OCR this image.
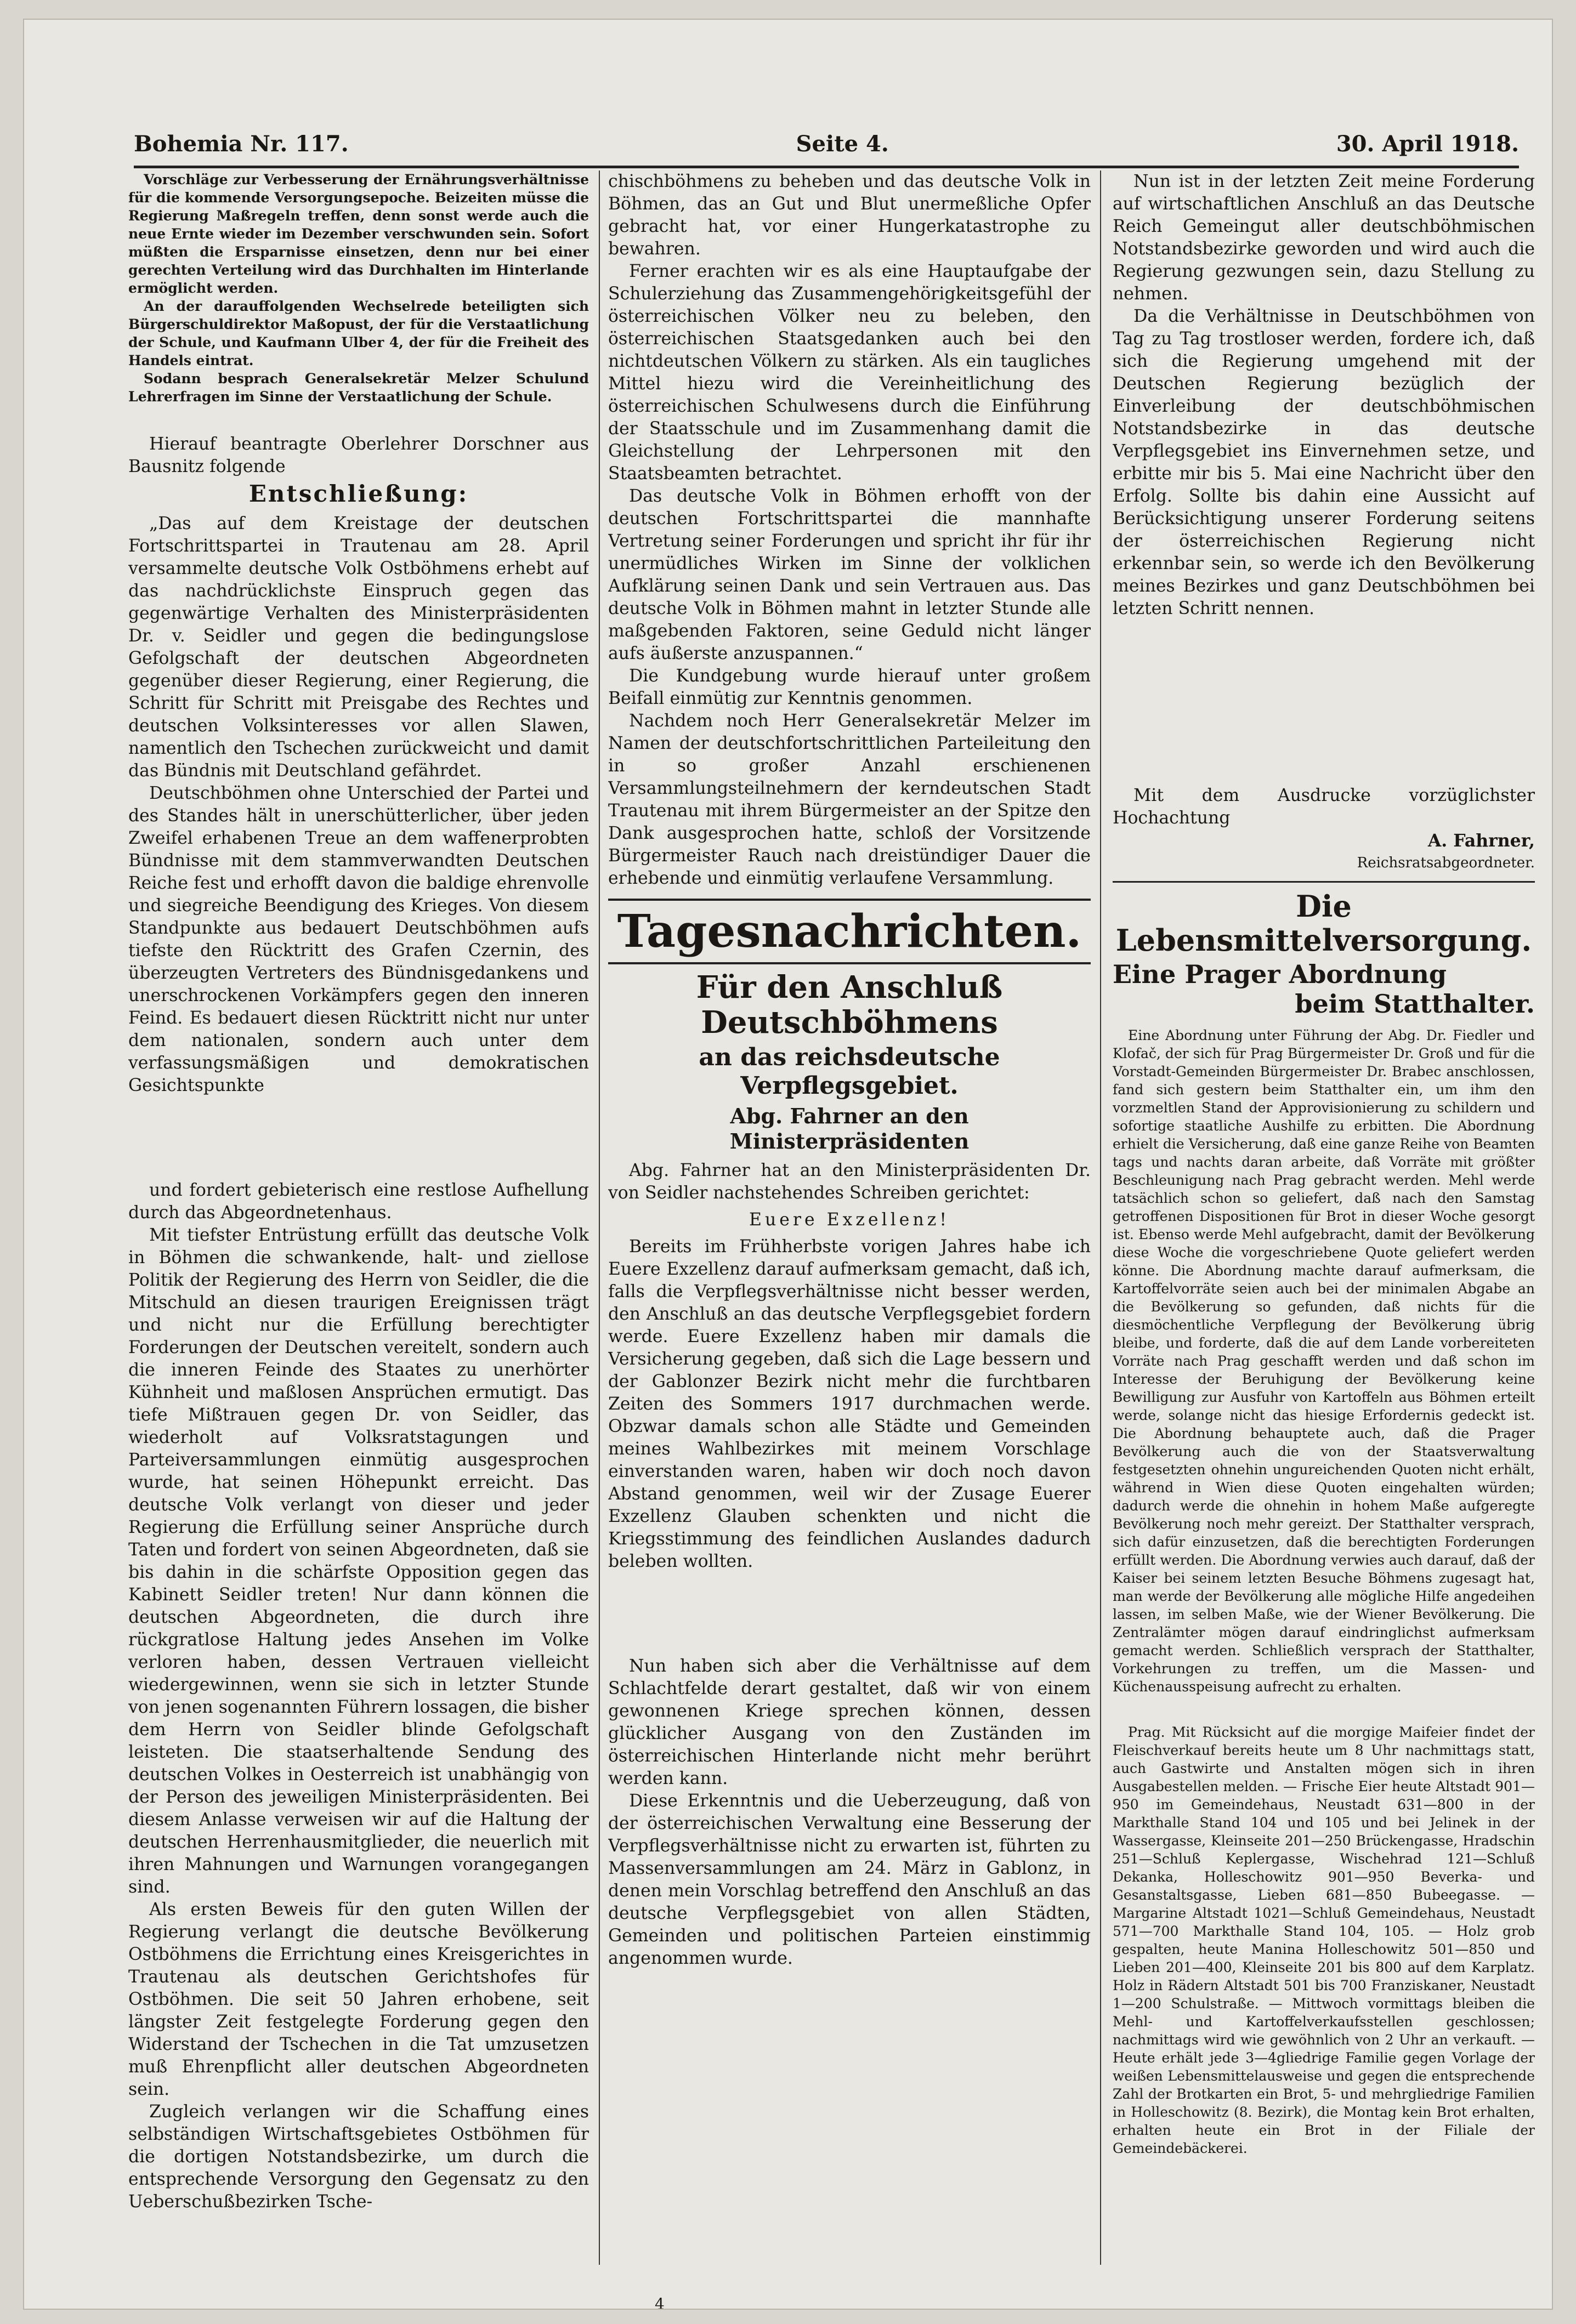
Bohemia Nr. 117.	Seite 4.	30. April 1918.

Vorschläge zur Verbesserung der Ernährungsverhältnisse für die kommende Versorgungsepoche. Beizeiten müsse die Regierung Maßregeln treffen, denn sonst werde auch die neue Ernte wieder im Dezember verschwunden sein. Sofort müßten die Ersparnisse einsetzen, denn nur bei einer gerechten Verteilung wird das Durchhalten im Hinterlande ermöglicht werden.

An der darauffolgenden Wechselrede beteiligten sich Bürgerschuldirektor Maßopust, der für die Verstaatlichung der Schule, und Kaufmann Ulber 4, der für die Freiheit des Handels eintrat.

Sodann besprach Generalsekretär Melzer Schulund Lehrerfragen im Sinne der Verstaatlichung der Schule.

Hierauf beantragte Oberlehrer Dorschner aus Bausnitz folgende

Entschließung:

„Das auf dem Kreistage der deutschen Fortschrittspartei in Trautenau am 28. April versammelte deutsche Volk Ostböhmens erhebt auf das nachdrücklichste Einspruch gegen das gegenwärtige Verhalten des Ministerpräsidenten Dr. v. Seidler und gegen die bedingungslose Gefolgschaft der deutschen Abgeordneten gegenüber dieser Regierung, einer Regierung, die Schritt für Schritt mit Preisgabe des Rechtes und deutschen Volksinteresses vor allen Slawen, namentlich den Tschechen zurückweicht und damit das Bündnis mit Deutschland gefährdet.

Deutschböhmen ohne Unterschied der Partei und des Standes hält in unerschütterlicher, über jeden Zweifel erhabenen Treue an dem waffenerprobten Bündnisse mit dem stammverwandten Deutschen Reiche fest und erhofft davon die baldige ehrenvolle und siegreiche Beendigung des Krieges. Von diesem Standpunkte aus bedauert Deutschböhmen aufs tiefste den Rücktritt des Grafen Czernin, des überzeugten Vertreters des Bündnisgedankens und unerschrockenen Vorkämpfers gegen den inneren Feind. Es bedauert diesen Rücktritt nicht nur unter dem nationalen, sondern auch unter dem verfassungsmäßigen und demokratischen Gesichtspunkte

und fordert gebieterisch eine restlose Aufhellung durch das Abgeordnetenhaus.

Mit tiefster Entrüstung erfüllt das deutsche Volk in Böhmen die schwankende, halt- und ziellose Politik der Regierung des Herrn von Seidler, die die Mitschuld an diesen traurigen Ereignissen trägt und nicht nur die Erfüllung berechtigter Forderungen der Deutschen vereitelt, sondern auch die inneren Feinde des Staates zu unerhörter Kühnheit und maßlosen Ansprüchen ermutigt. Das tiefe Mißtrauen gegen Dr. von Seidler, das wiederholt auf Volksratstagungen und Parteiversammlungen einmütig ausgesprochen wurde, hat seinen Höhepunkt erreicht. Das deutsche Volk verlangt von dieser und jeder Regierung die Erfüllung seiner Ansprüche durch Taten und fordert von seinen Abgeordneten, daß sie bis dahin in die schärfste Opposition gegen das Kabinett Seidler treten! Nur dann können die deutschen Abgeordneten, die durch ihre rückgratlose Haltung jedes Ansehen im Volke verloren haben, dessen Vertrauen vielleicht wiedergewinnen, wenn sie sich in letzter Stunde von jenen sogenannten Führern lossagen, die bisher dem Herrn von Seidler blinde Gefolgschaft leisteten. Die staatserhaltende Sendung des deutschen Volkes in Oesterreich ist unabhängig von der Person des jeweiligen Ministerpräsidenten. Bei diesem Anlasse verweisen wir auf die Haltung der deutschen Herrenhausmitglieder, die neuerlich mit ihren Mahnungen und Warnungen vorangegangen sind.

Als ersten Beweis für den guten Willen der Regierung verlangt die deutsche Bevölkerung Ostböhmens die Errichtung eines Kreisgerichtes in Trautenau als deutschen Gerichtshofes für Ostböhmen. Die seit 50 Jahren erhobene, seit längster Zeit festgelegte Forderung gegen den Widerstand der Tschechen in die Tat umzusetzen muß Ehrenpflicht aller deutschen Abgeordneten sein.

Zugleich verlangen wir die Schaffung eines selbständigen Wirtschaftsgebietes Ostböhmen für die dortigen Notstandsbezirke, um durch die entsprechende Versorgung den Gegensatz zu den Ueberschußbezirken Tsche-

chischböhmens zu beheben und das deutsche Volk in Böhmen, das an Gut und Blut unermeßliche Opfer gebracht hat, vor einer Hungerkatastrophe zu bewahren.

Ferner erachten wir es als eine Hauptaufgabe der Schulerziehung das Zusammengehörigkeitsgefühl der österreichischen Völker neu zu beleben, den österreichischen Staatsgedanken auch bei den nichtdeutschen Völkern zu stärken. Als ein taugliches Mittel hiezu wird die Vereinheitlichung des österreichischen Schulwesens durch die Einführung der Staatsschule und im Zusammenhang damit die Gleichstellung der Lehrpersonen mit den Staatsbeamten betrachtet.

Das deutsche Volk in Böhmen erhofft von der deutschen Fortschrittspartei die mannhafte Vertretung seiner Forderungen und spricht ihr für ihr unermüdliches Wirken im Sinne der volklichen Aufklärung seinen Dank und sein Vertrauen aus. Das deutsche Volk in Böhmen mahnt in letzter Stunde alle maßgebenden Faktoren, seine Geduld nicht länger aufs äußerste anzuspannen.“

Die Kundgebung wurde hierauf unter großem Beifall einmütig zur Kenntnis genommen.

Nachdem noch Herr Generalsekretär Melzer im Namen der deutschfortschrittlichen Parteileitung den in so großer Anzahl erschienenen Versammlungsteilnehmern der kerndeutschen Stadt Trautenau mit ihrem Bürgermeister an der Spitze den Dank ausgesprochen hatte, schloß der Vorsitzende Bürgermeister Rauch nach dreistündiger Dauer die erhebende und einmütig verlaufene Versammlung.

Tagesnachrichten.
Für den Anschluß Deutschböhmens
an das reichsdeutsche Verpflegsgebiet.
Abg. Fahrner an den Ministerpräsidenten

Abg. Fahrner hat an den Ministerpräsidenten Dr. von Seidler nachstehendes Schreiben gerichtet:

Euere Exzellenz!

Bereits im Frühherbste vorigen Jahres habe ich Euere Exzellenz darauf aufmerksam gemacht, daß ich, falls die Verpflegsverhältnisse nicht besser werden, den Anschluß an das deutsche Verpflegsgebiet fordern werde. Euere Exzellenz haben mir damals die Versicherung gegeben, daß sich die Lage bessern und der Gablonzer Bezirk nicht mehr die furchtbaren Zeiten des Sommers 1917 durchmachen werde. Obzwar damals schon alle Städte und Gemeinden meines Wahlbezirkes mit meinem Vorschlage einverstanden waren, haben wir doch noch davon Abstand genommen, weil wir der Zusage Euerer Exzellenz Glauben schenkten und nicht die Kriegsstimmung des feindlichen Auslandes dadurch beleben wollten.

Nun haben sich aber die Verhältnisse auf dem Schlachtfelde derart gestaltet, daß wir von einem gewonnenen Kriege sprechen können, dessen glücklicher Ausgang von den Zuständen im österreichischen Hinterlande nicht mehr berührt werden kann.

Diese Erkenntnis und die Ueberzeugung, daß von der österreichischen Verwaltung eine Besserung der Verpflegsverhältnisse nicht zu erwarten ist, führten zu Massenversammlungen am 24. März in Gablonz, in denen mein Vorschlag betreffend den Anschluß an das deutsche Verpflegsgebiet von allen Städten, Gemeinden und politischen Parteien einstimmig angenommen wurde.

Nun ist in der letzten Zeit meine Forderung auf wirtschaftlichen Anschluß an das Deutsche Reich Gemeingut aller deutschböhmischen Notstandsbezirke geworden und wird auch die Regierung gezwungen sein, dazu Stellung zu nehmen.

Da die Verhältnisse in Deutschböhmen von Tag zu Tag trostloser werden, fordere ich, daß sich die Regierung umgehend mit der Deutschen Regierung bezüglich der Einverleibung der deutschböhmischen Notstandsbezirke in das deutsche Verpflegsgebiet ins Einvernehmen setze, und erbitte mir bis 5. Mai eine Nachricht über den Erfolg. Sollte bis dahin eine Aussicht auf Berücksichtigung unserer Forderung seitens der österreichischen Regierung nicht erkennbar sein, so werde ich den Bevölkerung meines Bezirkes und ganz Deutschböhmen bei letzten Schritt nennen.

Mit dem Ausdrucke vorzüglichster Hochachtung

A. Fahrner,

Reichsratsabgeordneter.

Die Lebensmittelversorgung.
Eine Prager Abordnung
beim Statthalter.

Eine Abordnung unter Führung der Abg. Dr. Fiedler und Klofač, der sich für Prag Bürgermeister Dr. Groß und für die Vorstadt-Gemeinden Bürgermeister Dr. Brabec anschlossen, fand sich gestern beim Statthalter ein, um ihm den vorzmeltlen Stand der Approvisionierung zu schildern und sofortige staatliche Aushilfe zu erbitten. Die Abordnung erhielt die Versicherung, daß eine ganze Reihe von Beamten tags und nachts daran arbeite, daß Vorräte mit größter Beschleunigung nach Prag gebracht werden. Mehl werde tatsächlich schon so geliefert, daß nach den Samstag getroffenen Dispositionen für Brot in dieser Woche gesorgt ist. Ebenso werde Mehl aufgebracht, damit der Bevölkerung diese Woche die vorgeschriebene Quote geliefert werden könne. Die Abordnung machte darauf aufmerksam, die Kartoffelvorräte seien auch bei der minimalen Abgabe an die Bevölkerung so gefunden, daß nichts für die diesmöchentliche Verpflegung der Bevölkerung übrig bleibe, und forderte, daß die auf dem Lande vorbereiteten Vorräte nach Prag geschafft werden und daß schon im Interesse der Beruhigung der Bevölkerung keine Bewilligung zur Ausfuhr von Kartoffeln aus Böhmen erteilt werde, solange nicht das hiesige Erfordernis gedeckt ist. Die Abordnung behauptete auch, daß die Prager Bevölkerung auch die von der Staatsverwaltung festgesetzten ohnehin ungureichenden Quoten nicht erhält, während in Wien diese Quoten eingehalten würden; dadurch werde die ohnehin in hohem Maße aufgeregte Bevölkerung noch mehr gereizt. Der Statthalter versprach, sich dafür einzusetzen, daß die berechtigten Forderungen erfüllt werden. Die Abordnung verwies auch darauf, daß der Kaiser bei seinem letzten Besuche Böhmens zugesagt hat, man werde der Bevölkerung alle mögliche Hilfe angedeihen lassen, im selben Maße, wie der Wiener Bevölkerung. Die Zentralämter mögen darauf eindringlichst aufmerksam gemacht werden. Schließlich versprach der Statthalter, Vorkehrungen zu treffen, um die Massen- und Küchenausspeisung aufrecht zu erhalten.

Prag. Mit Rücksicht auf die morgige Maifeier findet der Fleischverkauf bereits heute um 8 Uhr nachmittags statt, auch Gastwirte und Anstalten mögen sich in ihren Ausgabestellen melden. — Frische Eier heute Altstadt 901—950 im Gemeindehaus, Neustadt 631—800 in der Markthalle Stand 104 und 105 und bei Jelinek in der Wassergasse, Kleinseite 201—250 Brückengasse, Hradschin 251—Schluß Keplergasse, Wischehrad 121—Schluß Dekanka, Holleschowitz 901—950 Beverka- und Gesanstaltsgasse, Lieben 681—850 Bubeegasse. — Margarine Altstadt 1021—Schluß Gemeindehaus, Neustadt 571—700 Markthalle Stand 104, 105. — Holz grob gespalten, heute Manina Holleschowitz 501—850 und Lieben 201—400, Kleinseite 201 bis 800 auf dem Karplatz. Holz in Rädern Altstadt 501 bis 700 Franziskaner, Neustadt 1—200 Schulstraße. — Mittwoch vormittags bleiben die Mehl- und Kartoffelverkaufsstellen geschlossen; nachmittags wird wie gewöhnlich von 2 Uhr an verkauft. — Heute erhält jede 3—4gliedrige Familie gegen Vorlage der weißen Lebensmittelausweise und gegen die entsprechende Zahl der Brotkarten ein Brot, 5- und mehrgliedrige Familien in Holleschowitz (8. Bezirk), die Montag kein Brot erhalten, erhalten heute ein Brot in der Filiale der Gemeindebäckerei.

4
